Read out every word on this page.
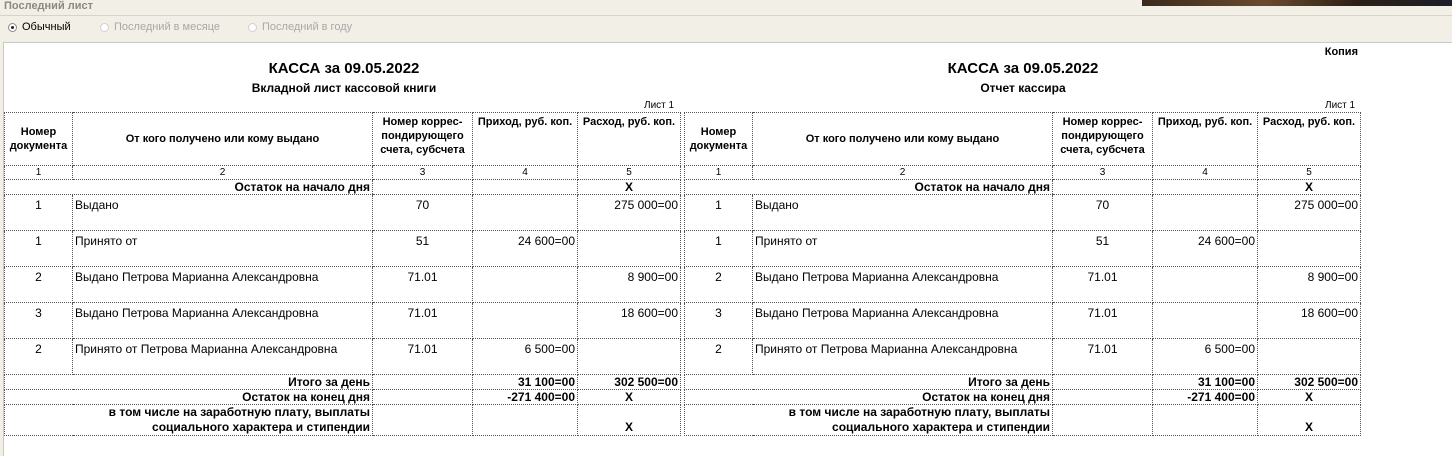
Последний лист
Обычный	Последний в месяце	Последний в году
Копия
КАССА за 09.05.2022
Вкладной лист кассовой книги
Лист 1
КАССА за 09.05.2022
Отчет кассира
Лист 1
Номер документа	От кого получено или кому выдано	Номер коррес-пондирующего счета, субсчета	Приход, руб. коп.	Расход, руб. коп.
1	2	3	4	5
Остаток на начало дня				X
1	Выдано	70		275 000=00
1	Принято от	51	24 600=00	
2	Выдано Петрова Марианна Александровна	71.01		8 900=00
3	Выдано Петрова Марианна Александровна	71.01		18 600=00
2	Принято от Петрова Марианна Александровна	71.01	6 500=00	
Итого за день			31 100=00	302 500=00
Остаток на конец дня			-271 400=00	X
в том числе на заработную плату, выплаты
социального характера и стипендии				X
Номер документа	От кого получено или кому выдано	Номер коррес-пондирующего счета, субсчета	Приход, руб. коп.	Расход, руб. коп.
1	2	3	4	5
Остаток на начало дня				X
1	Выдано	70		275 000=00
1	Принято от	51	24 600=00	
2	Выдано Петрова Марианна Александровна	71.01		8 900=00
3	Выдано Петрова Марианна Александровна	71.01		18 600=00
2	Принято от Петрова Марианна Александровна	71.01	6 500=00	
Итого за день			31 100=00	302 500=00
Остаток на конец дня			-271 400=00	X
в том числе на заработную плату, выплаты
социального характера и стипендии				X
